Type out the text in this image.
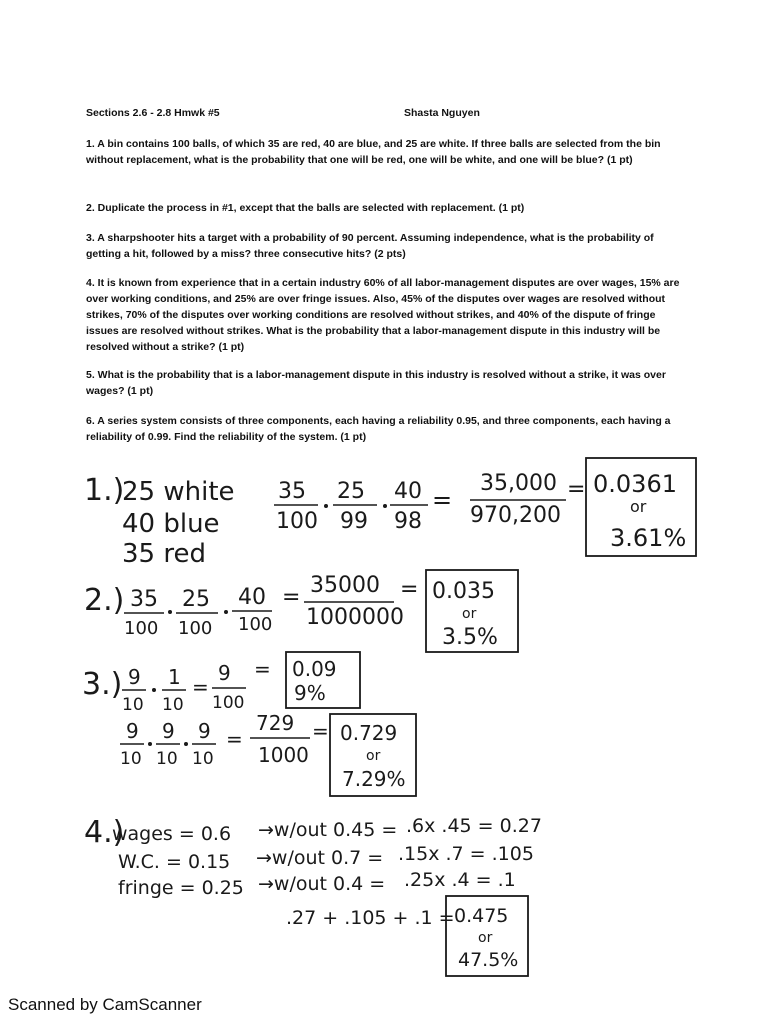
Sections 2.6 - 2.8 Hmwk #5	Shasta Nguyen
1. A bin contains 100 balls, of which 35 are red, 40 are blue, and 25 are white. If three balls are selected from the bin without replacement, what is the probability that one will be red, one will be white, and one will be blue? (1 pt)
2. Duplicate the process in #1, except that the balls are selected with replacement. (1 pt)
3. A sharpshooter hits a target with a probability of 90 percent. Assuming independence, what is the probability of getting a hit, followed by a miss? three consecutive hits? (2 pts)
4. It is known from experience that in a certain industry 60% of all labor-management disputes are over wages, 15% are over working conditions, and 25% are over fringe issues. Also, 45% of the disputes over wages are resolved without strikes, 70% of the disputes over working conditions are resolved without strikes, and 40% of the dispute of fringe issues are resolved without strikes. What is the probability that a labor-management dispute in this industry will be resolved without a strike? (1 pt)
5. What is the probability that is a labor-management dispute in this industry is resolved without a strike, it was over wages? (1 pt)
6. A series system consists of three components, each having a reliability 0.95, and three components, each having a reliability of 0.99. Find the reliability of the system. (1 pt)
1.)
25 white
40 blue
35 red
35
100
25
99
40
98
=
35,000
970,200
= 0.0361
or
3.61%
2.) 35
100
25
100
40
100
= 35000
1000000
= 0.035
or
3.5%
3.) 9
10
1
10
=
9
100
= 0.09
9%
9
10
9
10
9
10
=
729
1000
= 0.729
or
7.29%
4.)
wages = 0.6 →w/out 0.45 = .6x .45 = 0.27
W.C. = 0.15 →w/out 0.7 = .15x .7 = .105
fringe = 0.25 →w/out 0.4 = .25x .4 = .1
.27 + .105 + .1 = 0.475
or
47.5%
Scanned by CamScanner
